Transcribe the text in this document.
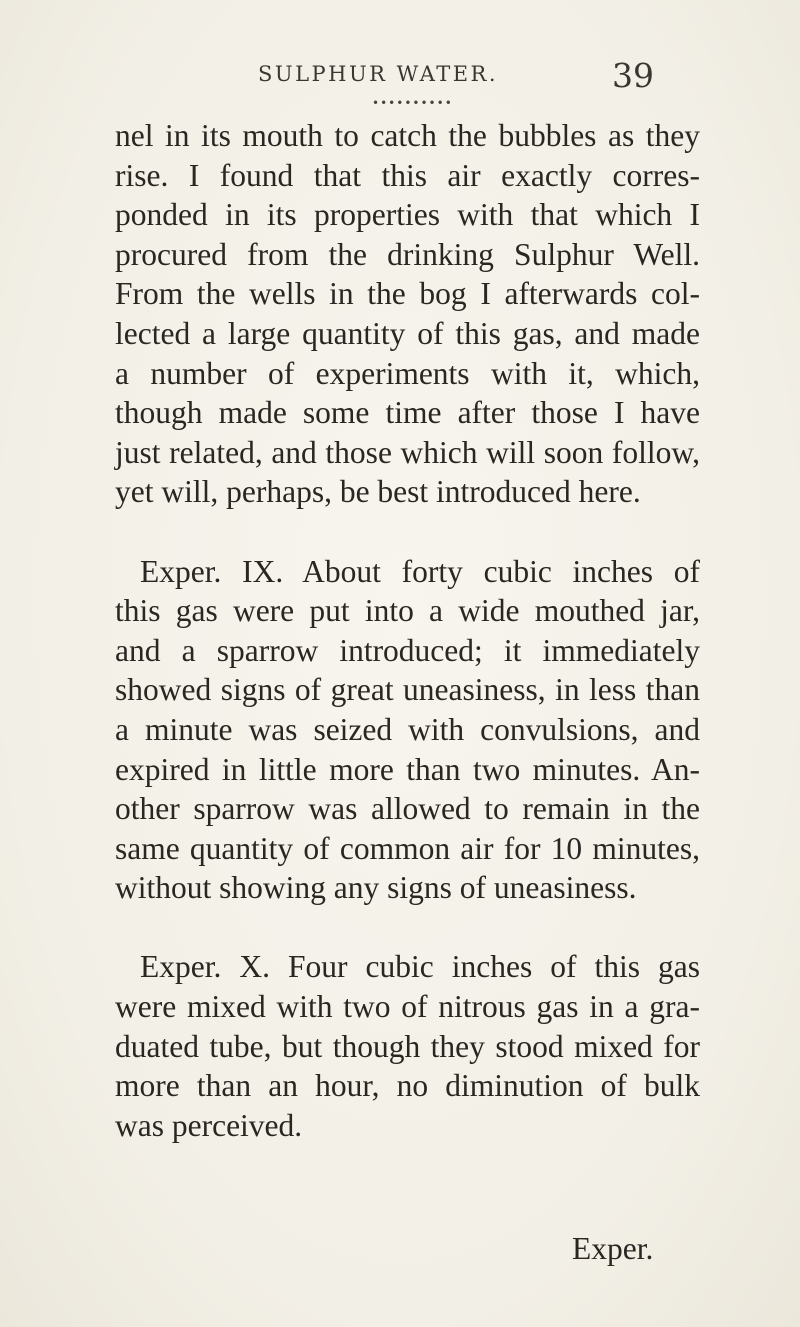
SULPHUR WATER.	39
••••••••••
nel in its mouth to catch the bubbles as they
rise. I found that this air exactly corres-
ponded in its properties with that which I
procured from the drinking Sulphur Well.
From the wells in the bog I afterwards col-
lected a large quantity of this gas, and made
a number of experiments with it, which,
though made some time after those I have
just related, and those which will soon follow,
yet will, perhaps, be best introduced here.
Exper. IX. About forty cubic inches of
this gas were put into a wide mouthed jar,
and a sparrow introduced; it immediately
showed signs of great uneasiness, in less than
a minute was seized with convulsions, and
expired in little more than two minutes. An-
other sparrow was allowed to remain in the
same quantity of common air for 10 minutes,
without showing any signs of uneasiness.
Exper. X. Four cubic inches of this gas
were mixed with two of nitrous gas in a gra-
duated tube, but though they stood mixed for
more than an hour, no diminution of bulk
was perceived.
Exper.
